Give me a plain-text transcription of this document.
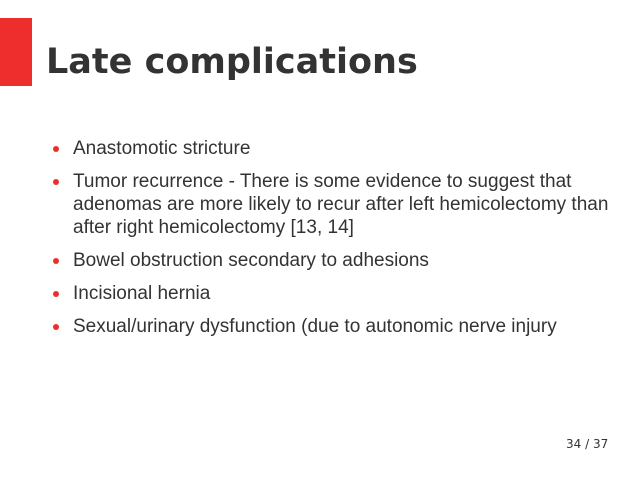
Late complications
Anastomotic stricture
Tumor recurrence - There is some evidence to suggest that adenomas are more likely to recur after left hemicolectomy than after right hemicolectomy [13, 14]
Bowel obstruction secondary to adhesions
Incisional hernia
Sexual/urinary dysfunction (due to autonomic nerve injury
34 / 37
